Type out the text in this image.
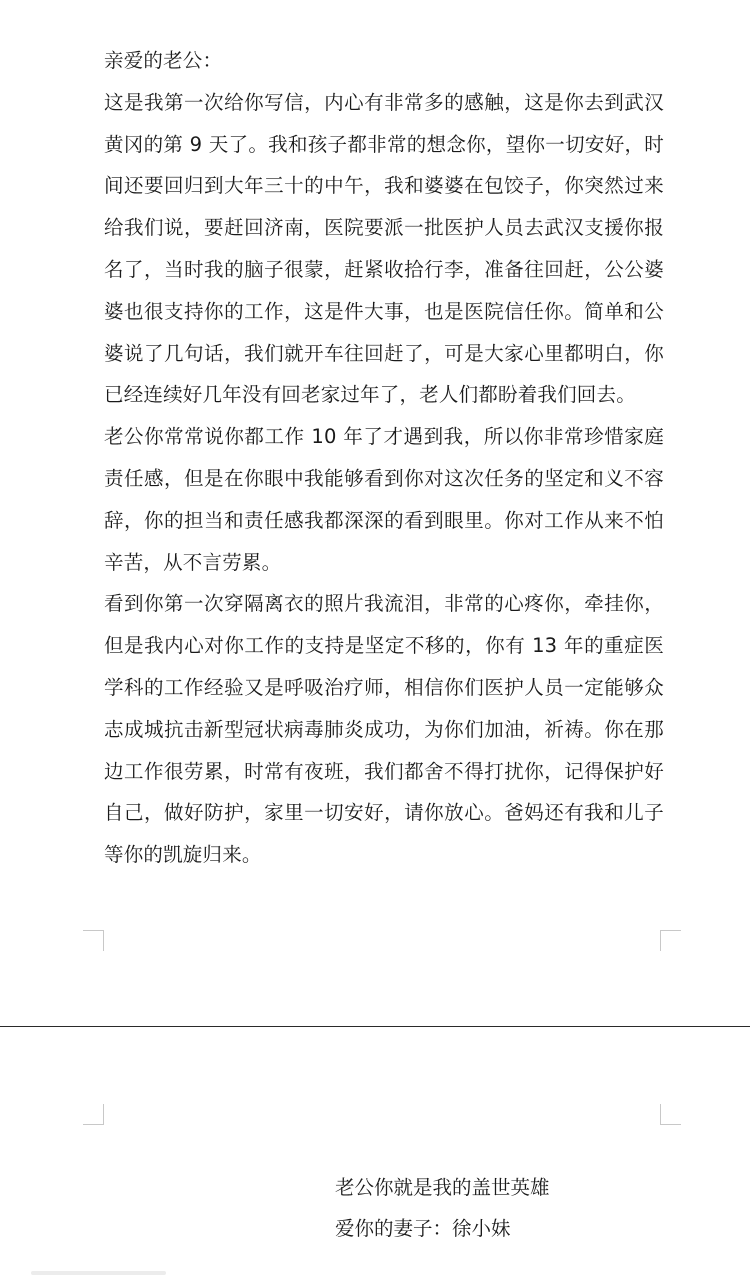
亲爱的老公：

这是我第一次给你写信，内心有非常多的感触，这是你去到武汉黄冈的第 9 天了。我和孩子都非常的想念你，望你一切安好，时间还要回归到大年三十的中午，我和婆婆在包饺子，你突然过来给我们说，要赶回济南，医院要派一批医护人员去武汉支援你报名了，当时我的脑子很蒙，赶紧收拾行李，准备往回赶，公公婆婆也很支持你的工作，这是件大事，也是医院信任你。简单和公婆说了几句话，我们就开车往回赶了，可是大家心里都明白，你已经连续好几年没有回老家过年了，老人们都盼着我们回去。

老公你常常说你都工作 10 年了才遇到我，所以你非常珍惜家庭责任感，但是在你眼中我能够看到你对这次任务的坚定和义不容辞，你的担当和责任感我都深深的看到眼里。你对工作从来不怕辛苦，从不言劳累。

看到你第一次穿隔离衣的照片我流泪，非常的心疼你，牵挂你，但是我内心对你工作的支持是坚定不移的，你有 13 年的重症医学科的工作经验又是呼吸治疗师，相信你们医护人员一定能够众志成城抗击新型冠状病毒肺炎成功，为你们加油，祈祷。你在那边工作很劳累，时常有夜班，我们都舍不得打扰你，记得保护好自己，做好防护，家里一切安好，请你放心。爸妈还有我和儿子等你的凯旋归来。

老公你就是我的盖世英雄
爱你的妻子：徐小妹
